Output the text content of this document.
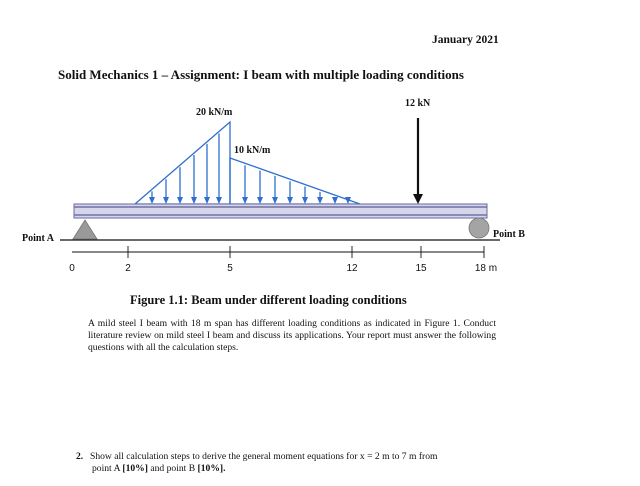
January 2021
Solid Mechanics 1 – Assignment: I beam with multiple loading conditions
0	2	5	12	15	18 m
Point A	Point B
20 kN/m
10 kN/m
12 kN
Figure 1.1: Beam under different loading conditions
A mild steel I beam with 18 m span has different loading conditions as indicated in Figure 1. Conduct literature review on mild steel I beam and discuss its applications. Your report must answer the following questions with all the calculation steps.
2. Show all calculation steps to derive the general moment equations for x = 2 m to 7 m from
point A [10%] and point B [10%].
